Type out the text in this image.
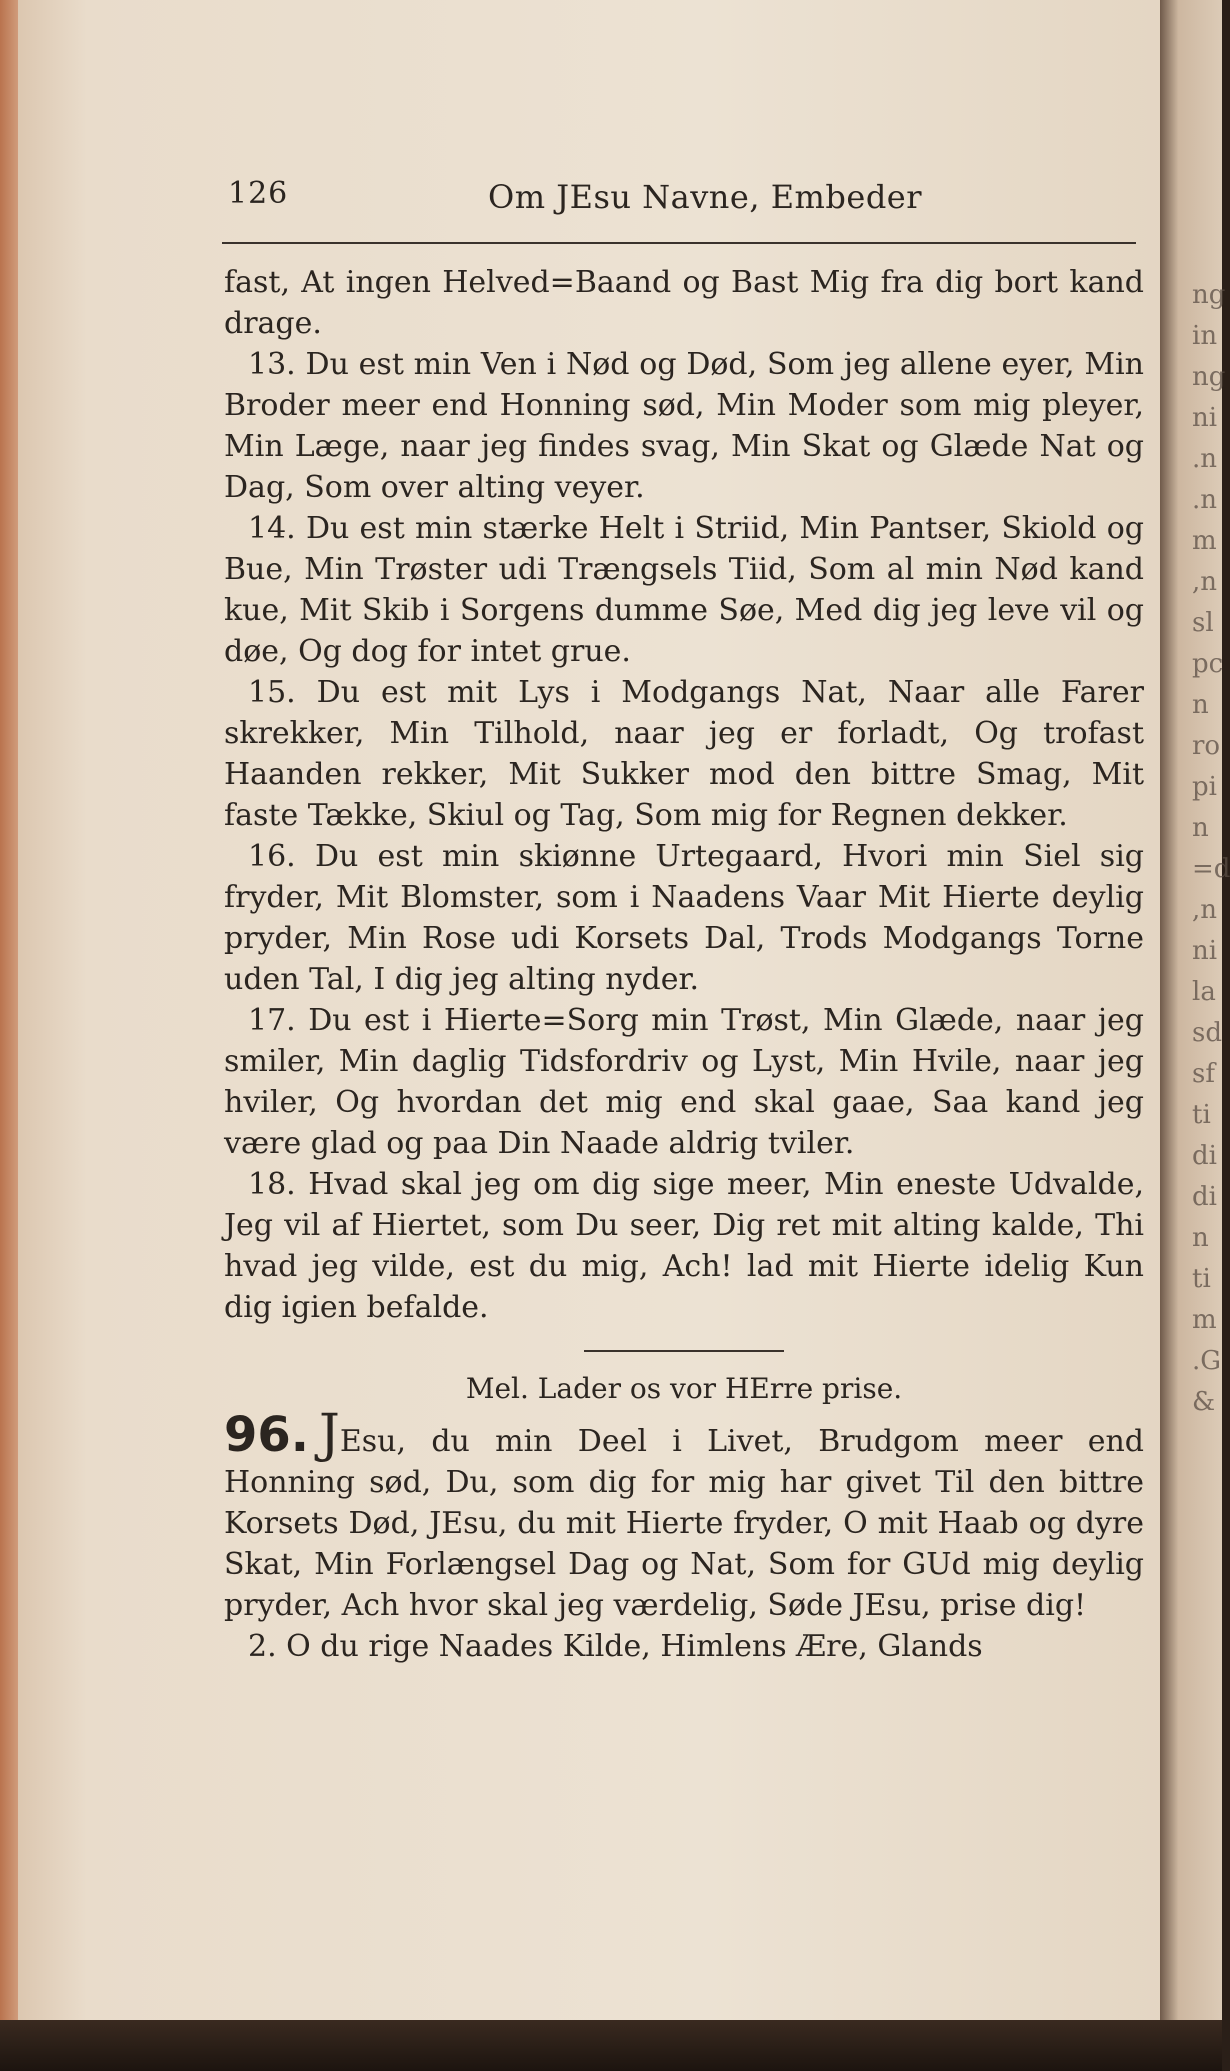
ng
in
ng
ni
.n
.n
m
,n
sl
pc
n
ro
pi
n
=d
,n
ni
la
sd
sf
ti
di
di
n
ti
m
.G
&
126	Om JEsu Navne, Embeder

fast, At ingen Helved=Baand og Bast Mig fra dig bort kand drage.

13. Du est min Ven i Nød og Død, Som jeg allene eyer, Min Broder meer end Honning sød, Min Moder som mig pleyer, Min Læge, naar jeg findes svag, Min Skat og Glæde Nat og Dag, Som over alting veyer.

14. Du est min stærke Helt i Striid, Min Pantser, Skiold og Bue, Min Trøster udi Trængsels Tiid, Som al min Nød kand kue, Mit Skib i Sorgens dumme Søe, Med dig jeg leve vil og døe, Og dog for intet grue.

15. Du est mit Lys i Modgangs Nat, Naar alle Farer skrekker, Min Tilhold, naar jeg er forladt, Og trofast Haanden rekker, Mit Sukker mod den bittre Smag, Mit faste Tække, Skiul og Tag, Som mig for Regnen dekker.

16. Du est min skiønne Urtegaard, Hvori min Siel sig fryder, Mit Blomster, som i Naadens Vaar Mit Hierte deylig pryder, Min Rose udi Korsets Dal, Trods Modgangs Torne uden Tal, I dig jeg alting nyder.

17. Du est i Hierte=Sorg min Trøst, Min Glæde, naar jeg smiler, Min daglig Tidsfordriv og Lyst, Min Hvile, naar jeg hviler, Og hvordan det mig end skal gaae, Saa kand jeg være glad og paa Din Naade aldrig tviler.

18. Hvad skal jeg om dig sige meer, Min eneste Udvalde, Jeg vil af Hiertet, som Du seer, Dig ret mit alting kalde, Thi hvad jeg vilde, est du mig, Ach! lad mit Hierte idelig Kun dig igien befalde.

Mel. Lader os vor HErre prise.

96. JEsu, du min Deel i Livet, Brudgom meer end Honning sød, Du, som dig for mig har givet Til den bittre Korsets Død, JEsu, du mit Hierte fryder, O mit Haab og dyre Skat, Min Forlængsel Dag og Nat, Som for GUd mig deylig pryder, Ach hvor skal jeg værdelig, Søde JEsu, prise dig!

2. O du rige Naades Kilde, Himlens Ære, Glands
